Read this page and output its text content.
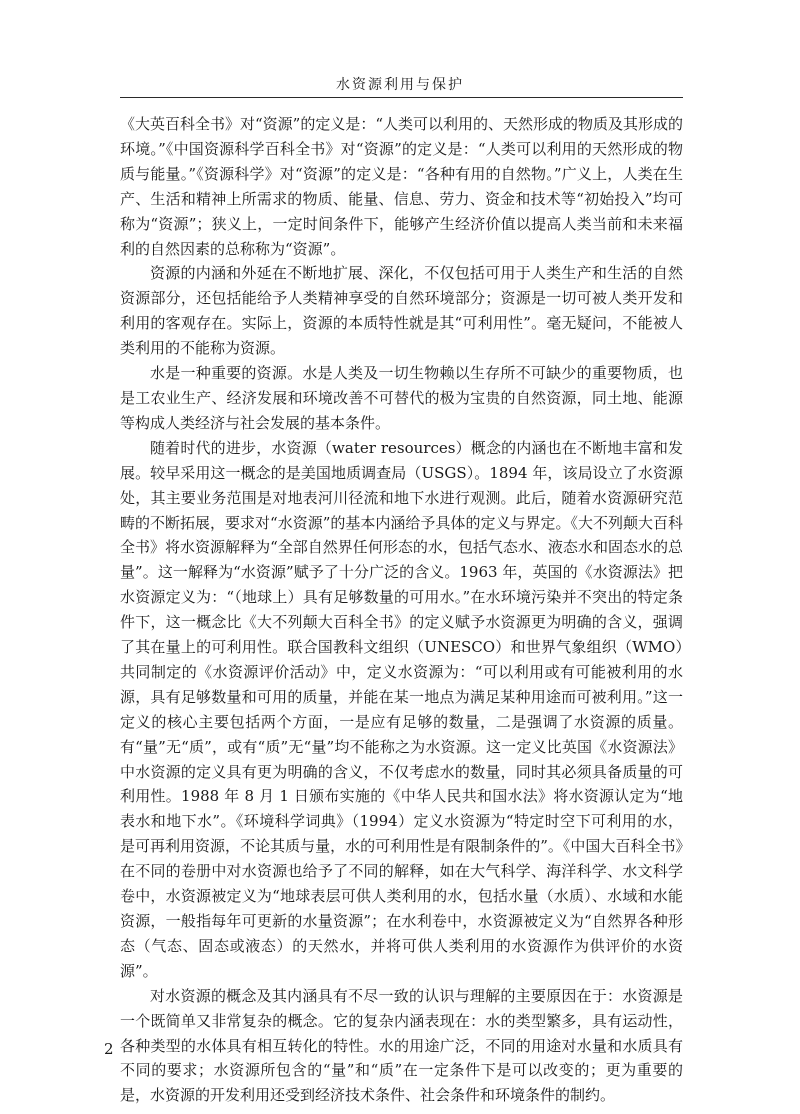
水资源利用与保护

《大英百科全书》对“资源”的定义是：“人类可以利用的、天然形成的物质及其形成的环境。”《中国资源科学百科全书》对“资源”的定义是：“人类可以利用的天然形成的物质与能量。”《资源科学》对“资源”的定义是：“各种有用的自然物。”广义上，人类在生产、生活和精神上所需求的物质、能量、信息、劳力、资金和技术等“初始投入”均可称为“资源”；狭义上，一定时间条件下，能够产生经济价值以提高人类当前和未来福利的自然因素的总称称为“资源”。

资源的内涵和外延在不断地扩展、深化，不仅包括可用于人类生产和生活的自然资源部分，还包括能给予人类精神享受的自然环境部分；资源是一切可被人类开发和利用的客观存在。实际上，资源的本质特性就是其“可利用性”。毫无疑问，不能被人类利用的不能称为资源。

水是一种重要的资源。水是人类及一切生物赖以生存所不可缺少的重要物质，也是工农业生产、经济发展和环境改善不可替代的极为宝贵的自然资源，同土地、能源等构成人类经济与社会发展的基本条件。

随着时代的进步，水资源（water resources）概念的内涵也在不断地丰富和发展。较早采用这一概念的是美国地质调查局（USGS）。1894 年，该局设立了水资源处，其主要业务范围是对地表河川径流和地下水进行观测。此后，随着水资源研究范畴的不断拓展，要求对“水资源”的基本内涵给予具体的定义与界定。《大不列颠大百科全书》将水资源解释为“全部自然界任何形态的水，包括气态水、液态水和固态水的总量”。这一解释为“水资源”赋予了十分广泛的含义。1963 年，英国的《水资源法》把水资源定义为：“（地球上）具有足够数量的可用水。”在水环境污染并不突出的特定条件下，这一概念比《大不列颠大百科全书》的定义赋予水资源更为明确的含义，强调了其在量上的可利用性。联合国教科文组织（UNESCO）和世界气象组织（WMO）共同制定的《水资源评价活动》中，定义水资源为：“可以利用或有可能被利用的水源，具有足够数量和可用的质量，并能在某一地点为满足某种用途而可被利用。”这一定义的核心主要包括两个方面，一是应有足够的数量，二是强调了水资源的质量。有“量”无“质”，或有“质”无“量”均不能称之为水资源。这一定义比英国《水资源法》中水资源的定义具有更为明确的含义，不仅考虑水的数量，同时其必须具备质量的可利用性。1988 年 8 月 1 日颁布实施的《中华人民共和国水法》将水资源认定为“地表水和地下水”。《环境科学词典》（1994）定义水资源为“特定时空下可利用的水，是可再利用资源，不论其质与量，水的可利用性是有限制条件的”。《中国大百科全书》在不同的卷册中对水资源也给予了不同的解释，如在大气科学、海洋科学、水文科学卷中，水资源被定义为“地球表层可供人类利用的水，包括水量（水质）、水域和水能资源，一般指每年可更新的水量资源”；在水利卷中，水资源被定义为“自然界各种形态（气态、固态或液态）的天然水，并将可供人类利用的水资源作为供评价的水资源”。

对水资源的概念及其内涵具有不尽一致的认识与理解的主要原因在于：水资源是一个既简单又非常复杂的概念。它的复杂内涵表现在：水的类型繁多，具有运动性，各种类型的水体具有相互转化的特性。水的用途广泛，不同的用途对水量和水质具有不同的要求；水资源所包含的“量”和“质”在一定条件下是可以改变的；更为重要的是，水资源的开发利用还受到经济技术条件、社会条件和环境条件的制约。

2
